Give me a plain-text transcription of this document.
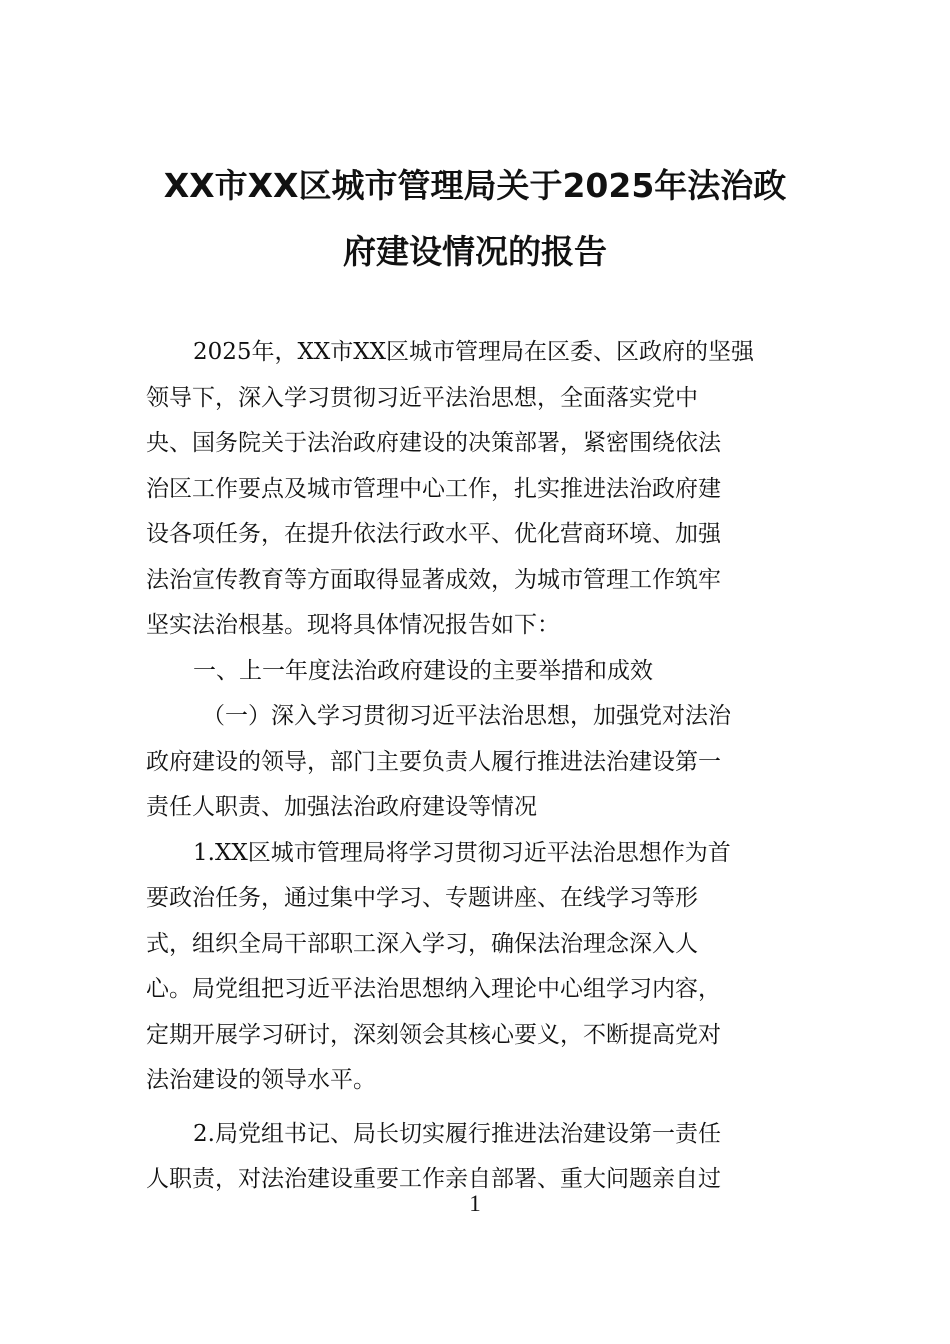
XX市XX区城市管理局关于2025年法治政
府建设情况的报告

2025年，XX市XX区城市管理局在区委、区政府的坚强

领导下，深入学习贯彻习近平法治思想，全面落实党中

央、国务院关于法治政府建设的决策部署，紧密围绕依法

治区工作要点及城市管理中心工作，扎实推进法治政府建

设各项任务，在提升依法行政水平、优化营商环境、加强

法治宣传教育等方面取得显著成效，为城市管理工作筑牢

坚实法治根基。现将具体情况报告如下：

一、上一年度法治政府建设的主要举措和成效

（一）深入学习贯彻习近平法治思想，加强党对法治

政府建设的领导，部门主要负责人履行推进法治建设第一

责任人职责、加强法治政府建设等情况

1.XX区城市管理局将学习贯彻习近平法治思想作为首

要政治任务，通过集中学习、专题讲座、在线学习等形

式，组织全局干部职工深入学习，确保法治理念深入人

心。局党组把习近平法治思想纳入理论中心组学习内容，

定期开展学习研讨，深刻领会其核心要义，不断提高党对

法治建设的领导水平。

2.局党组书记、局长切实履行推进法治建设第一责任

人职责，对法治建设重要工作亲自部署、重大问题亲自过

1
